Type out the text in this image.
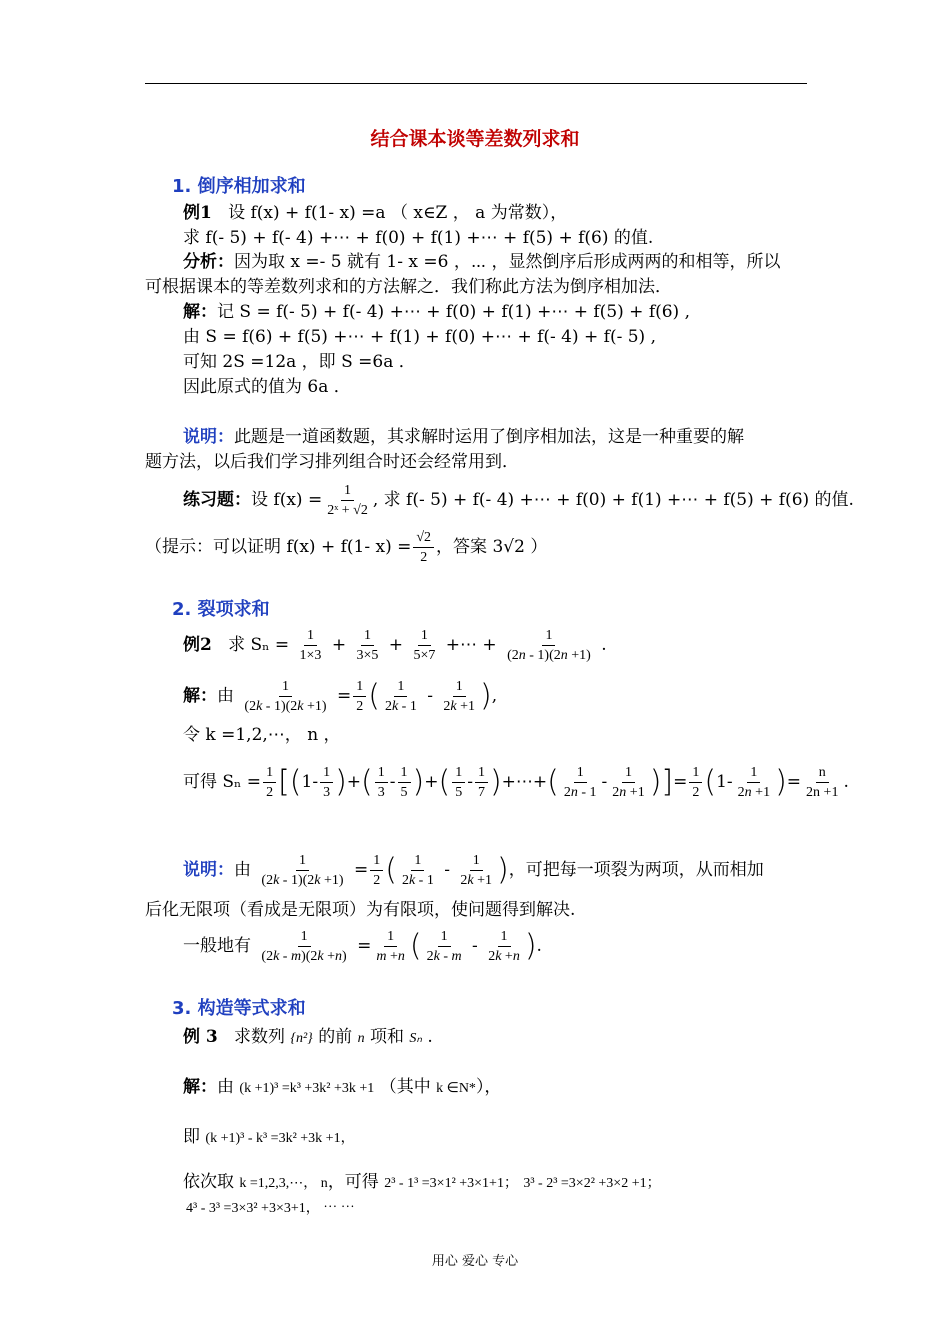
结合课本谈等差数列求和
1. 倒序相加求和
例1 设 f(x) + f(1- x) =a （ x∈Z ， a 为常数），
求 f(- 5) + f(- 4) +⋯ + f(0) + f(1) +⋯ + f(5) + f(6) 的值.
分析：因为取 x =- 5 就有 1- x =6 ，⋯ ，显然倒序后形成两两的和相等，所以
可根据课本的等差数列求和的方法解之．我们称此方法为倒序相加法．
解：记 S = f(- 5) + f(- 4) +⋯ + f(0) + f(1) +⋯ + f(5) + f(6) ,
由 S = f(6) + f(5) +⋯ + f(1) + f(0) +⋯ + f(- 4) + f(- 5) ,
可知 2S =12a ，即 S =6a ．
因此原式的值为 6a ．
说明：此题是一道函数题，其求解时运用了倒序相加法，这是一种重要的解
题方法，以后我们学习排列组合时还会经常用到．
练习题：设 $f(x) = \frac{1}{\text{2ˣ + √2}}$ , 求 f(- 5) + f(- 4) +⋯ + f(0) + f(1) +⋯ + f(5) + f(6) 的值.
（提示：可以证明 f(x) + f(1- $x) = \frac{√2}{2}$ ，答案 3√2 ）
2. 裂项求和
例2 求 $S_n = \frac{1}{1\times 3} + \frac{1}{3\times 5} + \frac{1}{5\times 7}$ +⋯ + $\frac{1}{(2n - 1)(2n +1)}$ .
解：由 $\frac{1}{(2k - 1)(2k +1)} = \frac{1}{2}$ ( $\frac{1}{2k - 1} - \frac{1}{2k +1}$ ),
令 k =1,2,⋯， n ，
可得 $S_n = \frac{1}{2} [(1- \frac{1}{3}$ )+( $\frac{1}{3} - \frac{1}{5}$ )+( $\frac{1}{5} - \frac{1}{7}$ )+⋯+( $\frac{1}{2n - 1} - \frac{1}{2n +1}$ )]= $\frac{1}{2} (1- \frac{1}{2n +1}$ )= $\frac{n}{2n +1}$ .
说明：由 $\frac{1}{(2k - 1)(2k +1)} = \frac{1}{2}$ ( $\frac{1}{2k - 1} - \frac{1}{2k +1}$ )，可把每一项裂为两项，从而相加
后化无限项（看成是无限项）为有限项，使问题得到解决.
一般地有 $\frac{1}{(2k - m)(2k +n)} = \frac{1}{m +n}$ ( $\frac{1}{2k - m} - \frac{1}{2k +n}$ ).
3. 构造等式求和
例 3 求数列 {n²} 的前 n 项和 Sₙ .
解：由 (k +1)³ =k³ +3k² +3k +1 （其中 k ∈N*），
即 (k +1)³ - k³ =3k² +3k +1，
依次取 k =1,2,3,⋯， n，可得 2³ - 1³ =3×1² +3×1+1； 3³ - 2³ =3×2² +3×2 +1；
4³ - 3³ =3×3² +3×3+1， ⋯ ⋯
用心 爱心 专心
